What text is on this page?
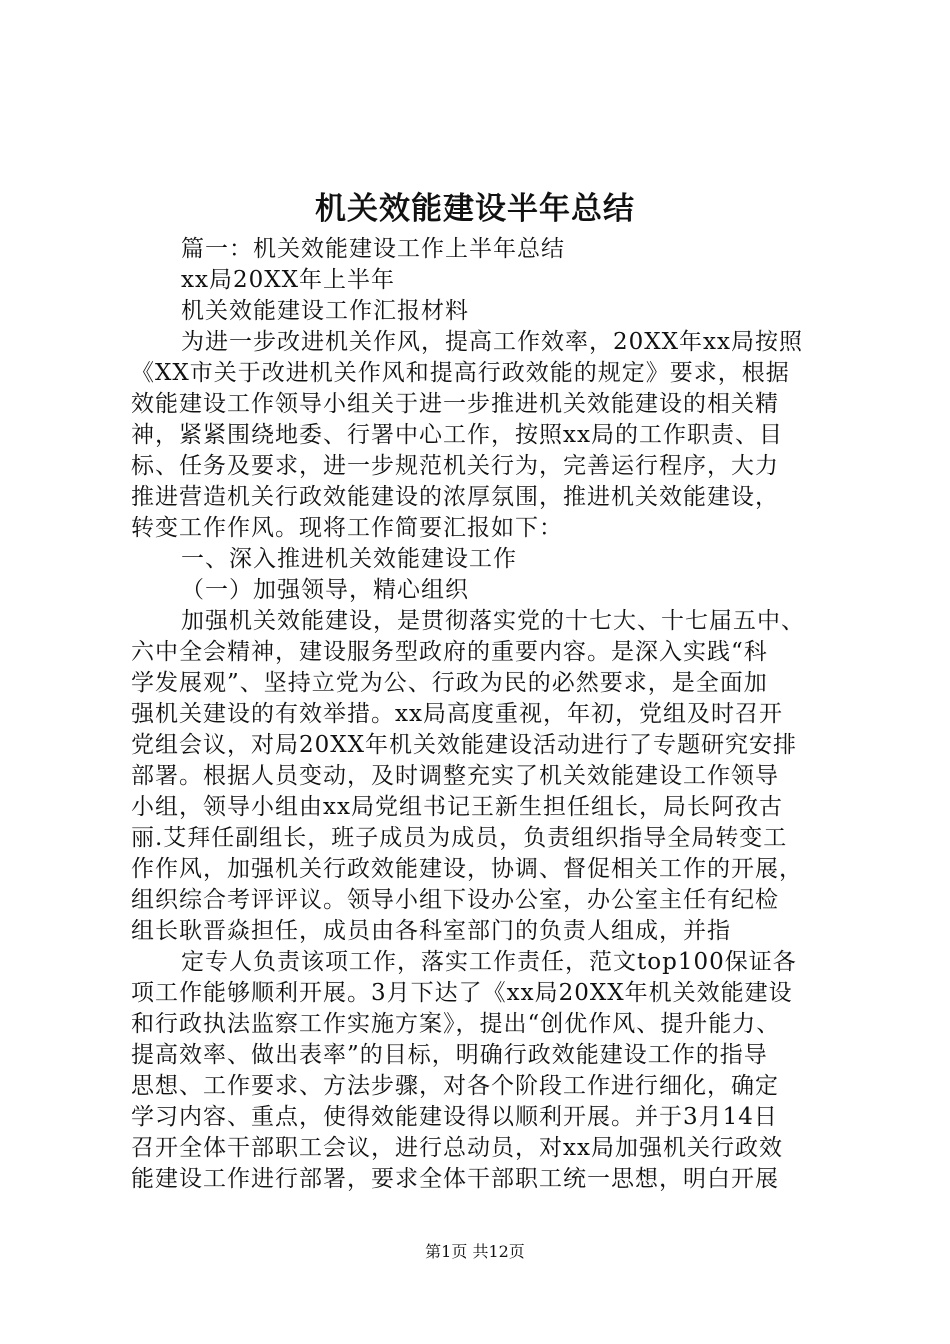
机关效能建设半年总结

篇一：机关效能建设工作上半年总结

xx局20XX年上半年

机关效能建设工作汇报材料

为进一步改进机关作风，提高工作效率，20XX年xx局按照

《XX市关于改进机关作风和提高行政效能的规定》要求，根据

效能建设工作领导小组关于进一步推进机关效能建设的相关精

神，紧紧围绕地委、行署中心工作，按照xx局的工作职责、目

标、任务及要求，进一步规范机关行为，完善运行程序，大力

推进营造机关行政效能建设的浓厚氛围，推进机关效能建设，

转变工作作风。现将工作简要汇报如下：

一、深入推进机关效能建设工作

（一）加强领导，精心组织

加强机关效能建设，是贯彻落实党的十七大、十七届五中、

六中全会精神，建设服务型政府的重要内容。是深入实践“科

学发展观”、坚持立党为公、行政为民的必然要求，是全面加

强机关建设的有效举措。xx局高度重视，年初，党组及时召开

党组会议，对局20XX年机关效能建设活动进行了专题研究安排

部署。根据人员变动，及时调整充实了机关效能建设工作领导

小组，领导小组由xx局党组书记王新生担任组长，局长阿孜古

丽.艾拜任副组长，班子成员为成员，负责组织指导全局转变工

作作风，加强机关行政效能建设，协调、督促相关工作的开展，

组织综合考评评议。领导小组下设办公室，办公室主任有纪检

组长耿晋焱担任，成员由各科室部门的负责人组成，并指

定专人负责该项工作，落实工作责任，范文top100保证各

项工作能够顺利开展。3月下达了《xx局20XX年机关效能建设

和行政执法监察工作实施方案》，提出“创优作风、提升能力、

提高效率、做出表率”的目标，明确行政效能建设工作的指导

思想、工作要求、方法步骤，对各个阶段工作进行细化，确定

学习内容、重点，使得效能建设得以顺利开展。并于3月14日

召开全体干部职工会议，进行总动员，对xx局加强机关行政效

能建设工作进行部署，要求全体干部职工统一思想，明白开展

第1页 共12页
